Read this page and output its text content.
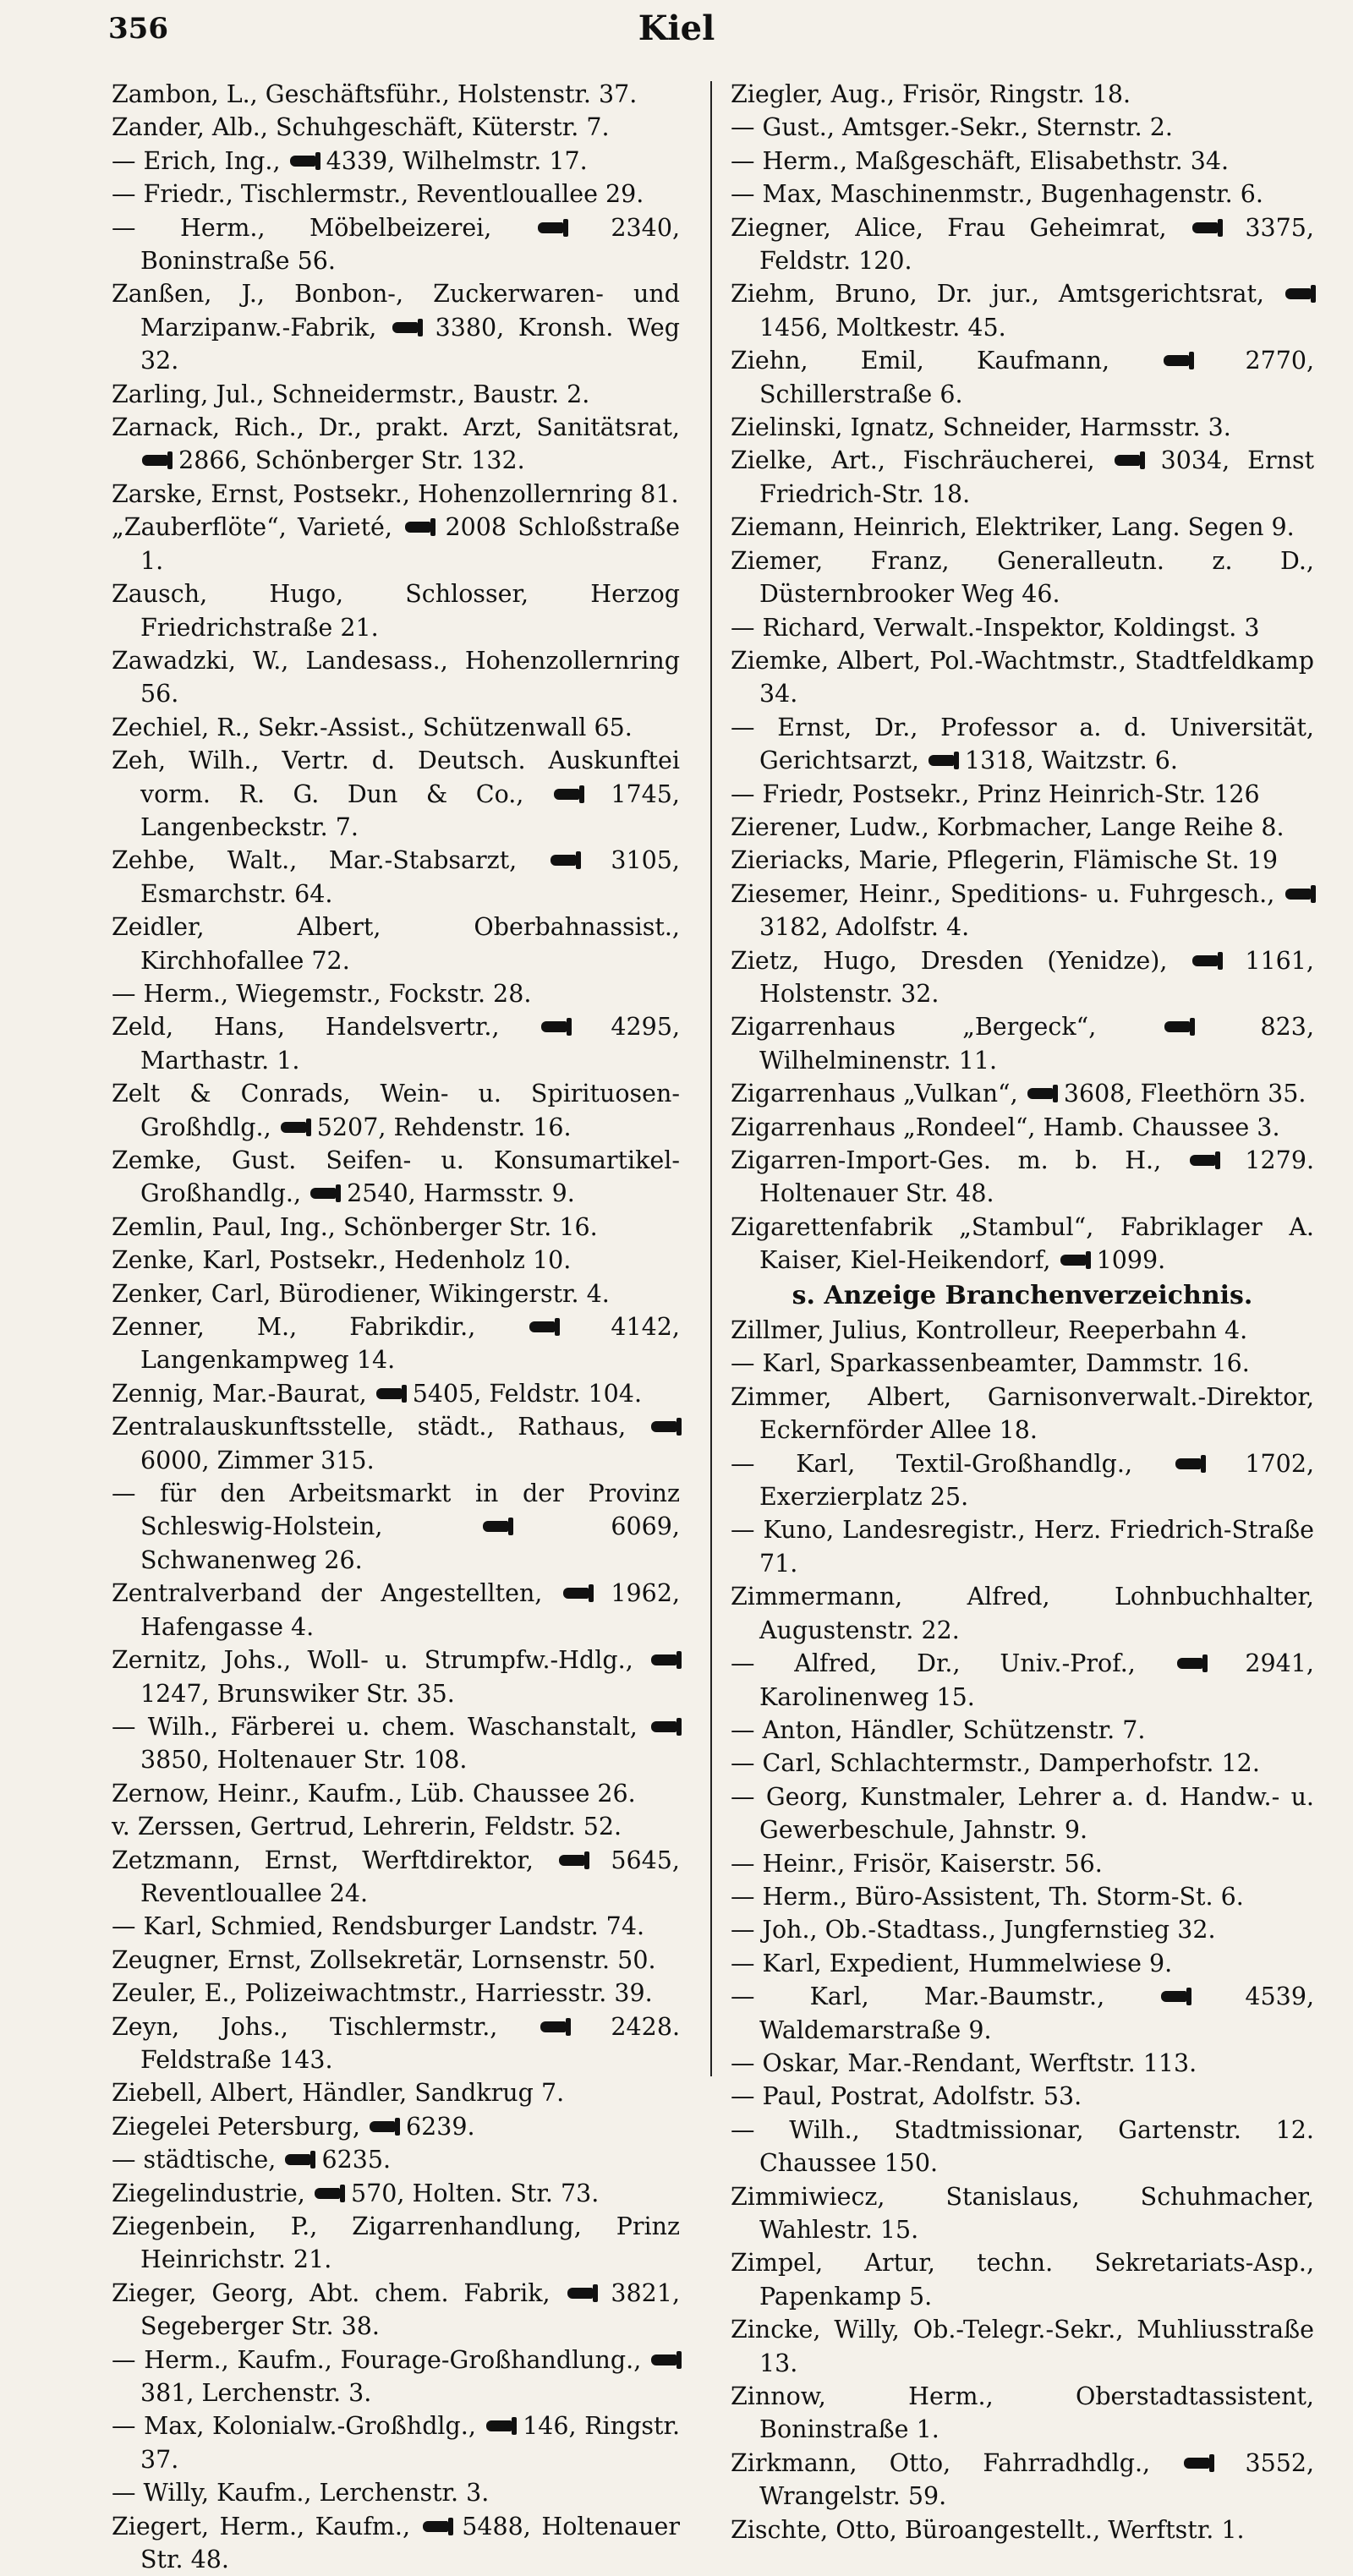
356	Kiel
Zambon, L., Geschäftsführ., Holstenstr. 37.
Zander, Alb., Schuhgeschäft, Küterstr. 7.
— Erich, Ing., 4339, Wilhelmstr. 17.
— Friedr., Tischlermstr., Reventlouallee 29.
— Herm., Möbelbeizerei,	2340, Boninstraße 56.
Zanßen, J., Bonbon-, Zuckerwaren- und Marzipanw.-Fabrik, 3380, Kronsh. Weg 32.
Zarling, Jul., Schneidermstr., Baustr. 2.
Zarnack, Rich., Dr., prakt. Arzt, Sanitätsrat,  2866, Schönberger Str. 132.
Zarske, Ernst, Postsekr., Hohenzollernring 81.
„Zauberflöte“, Varieté, 2008 Schloßstraße 1.
Zausch, Hugo, Schlosser, Herzog Friedrichstraße 21.
Zawadzki, W., Landesass., Hohenzollernring 56.
Zechiel, R., Sekr.-Assist., Schützenwall 65.
Zeh, Wilh., Vertr. d. Deutsch. Auskunftei vorm. R. G. Dun & Co.,	1745, Langenbeckstr. 7.
Zehbe, Walt., Mar.-Stabsarzt,	3105, Esmarchstr. 64.
Zeidler, Albert, Oberbahnassist., Kirchhofallee 72.
— Herm., Wiegemstr., Fockstr. 28.
Zeld, Hans, Handelsvertr.,	4295, Marthastr. 1.
Zelt & Conrads, Wein- u. Spirituosen-Großhdlg., 5207, Rehdenstr. 16.
Zemke, Gust. Seifen- u. Konsumartikel-Großhandlg., 2540, Harmsstr. 9.
Zemlin, Paul, Ing., Schönberger Str. 16.
Zenke, Karl, Postsekr., Hedenholz 10.
Zenker, Carl, Bürodiener, Wikingerstr. 4.
Zenner, M., Fabrikdir.,	4142, Langenkampweg 14.
Zennig, Mar.-Baurat, 5405, Feldstr. 104.
Zentralauskunftsstelle, städt., Rathaus,  6000, Zimmer 315.
— für den Arbeitsmarkt in der Provinz Schleswig-Holstein,	6069, Schwanenweg 26.
Zentralverband der Angestellten,	1962, Hafengasse 4.
Zernitz, Johs., Woll- u. Strumpfw.-Hdlg.,  1247, Brunswiker Str. 35.
— Wilh., Färberei u. chem. Waschanstalt,  3850, Holtenauer Str. 108.
Zernow, Heinr., Kaufm., Lüb. Chaussee 26.
v. Zerssen, Gertrud, Lehrerin, Feldstr. 52.
Zetzmann, Ernst, Werftdirektor,	5645, Reventlouallee 24.
— Karl, Schmied, Rendsburger Landstr. 74.
Zeugner, Ernst, Zollsekretär, Lornsenstr. 50.
Zeuler, E., Polizeiwachtmstr., Harriesstr. 39.
Zeyn, Johs., Tischlermstr.,	2428. Feldstraße 143.
Ziebell, Albert, Händler, Sandkrug 7.
Ziegelei Petersburg, 6239.
— städtische, 6235.
Ziegelindustrie, 570, Holten. Str. 73.
Ziegenbein, P., Zigarrenhandlung, Prinz Heinrichstr. 21.
Zieger, Georg, Abt. chem. Fabrik,	3821, Segeberger Str. 38.
— Herm., Kaufm., Fourage-Großhandlung.,  381, Lerchenstr. 3.
— Max, Kolonialw.-Großhdlg., 146, Ringstr. 37.
— Willy, Kaufm., Lerchenstr. 3.
Ziegert, Herm., Kaufm., 5488, Holtenauer Str. 48.
Ziegler, Aug., Frisör, Ringstr. 18.
— Gust., Amtsger.-Sekr., Sternstr. 2.
— Herm., Maßgeschäft, Elisabethstr. 34.
— Max, Maschinenmstr., Bugenhagenstr. 6.
Ziegner, Alice, Frau Geheimrat,	3375, Feldstr. 120.
Ziehm, Bruno, Dr. jur., Amtsgerichtsrat,  1456, Moltkestr. 45.
Ziehn, Emil, Kaufmann,	2770, Schillerstraße 6.
Zielinski, Ignatz, Schneider, Harmsstr. 3.
Zielke, Art., Fischräucherei,	3034, Ernst Friedrich-Str. 18.
Ziemann, Heinrich, Elektriker, Lang. Segen 9.
Ziemer, Franz, Generalleutn. z. D., Düsternbrooker Weg 46.
— Richard, Verwalt.-Inspektor, Koldingst. 3
Ziemke, Albert, Pol.-Wachtmstr., Stadtfeldkamp 34.
— Ernst, Dr., Professor a. d. Universität, Gerichtsarzt, 1318, Waitzstr. 6.
— Friedr, Postsekr., Prinz Heinrich-Str. 126
Zierener, Ludw., Korbmacher, Lange Reihe 8.
Zieriacks, Marie, Pflegerin, Flämische St. 19
Ziesemer, Heinr., Speditions- u. Fuhrgesch.,  3182, Adolfstr. 4.
Zietz, Hugo, Dresden (Yenidze),	1161, Holstenstr. 32.
Zigarrenhaus „Bergeck“,	823, Wilhelminenstr. 11.
Zigarrenhaus „Vulkan“, 3608, Fleethörn 35.
Zigarrenhaus „Rondeel“, Hamb. Chaussee 3.
Zigarren-Import-Ges. m. b. H.,	1279. Holtenauer Str. 48.
Zigarettenfabrik „Stambul“, Fabriklager A. Kaiser, Kiel-Heikendorf, 1099.
s. Anzeige Branchenverzeichnis.
Zillmer, Julius, Kontrolleur, Reeperbahn 4.
— Karl, Sparkassenbeamter, Dammstr. 16.
Zimmer, Albert, Garnisonverwalt.-Direktor, Eckernförder Allee 18.
— Karl, Textil-Großhandlg.,	1702, Exerzierplatz 25.
— Kuno, Landesregistr., Herz. Friedrich-Straße 71.
Zimmermann, Alfred, Lohnbuchhalter, Augustenstr. 22.
— Alfred, Dr., Univ.-Prof.,	2941, Karolinenweg 15.
— Anton, Händler, Schützenstr. 7.
— Carl, Schlachtermstr., Damperhofstr. 12.
— Georg, Kunstmaler, Lehrer a. d. Handw.- u. Gewerbeschule, Jahnstr. 9.
— Heinr., Frisör, Kaiserstr. 56.
— Herm., Büro-Assistent, Th. Storm-St. 6.
— Joh., Ob.-Stadtass., Jungfernstieg 32.
— Karl, Expedient, Hummelwiese 9.
— Karl, Mar.-Baumstr.,	4539, Waldemarstraße 9.
— Oskar, Mar.-Rendant, Werftstr. 113.
— Paul, Postrat, Adolfstr. 53.
— Wilh., Stadtmissionar, Gartenstr. 12. Chaussee 150.
Zimmiwiecz, Stanislaus, Schuhmacher, Wahlestr. 15.
Zimpel, Artur, techn. Sekretariats-Asp., Papenkamp 5.
Zincke, Willy, Ob.-Telegr.-Sekr., Muhliusstraße 13.
Zinnow, Herm., Oberstadtassistent, Boninstraße 1.
Zirkmann, Otto, Fahrradhdlg.,	3552, Wrangelstr. 59.
Zischte, Otto, Büroangestellt., Werftstr. 1.
